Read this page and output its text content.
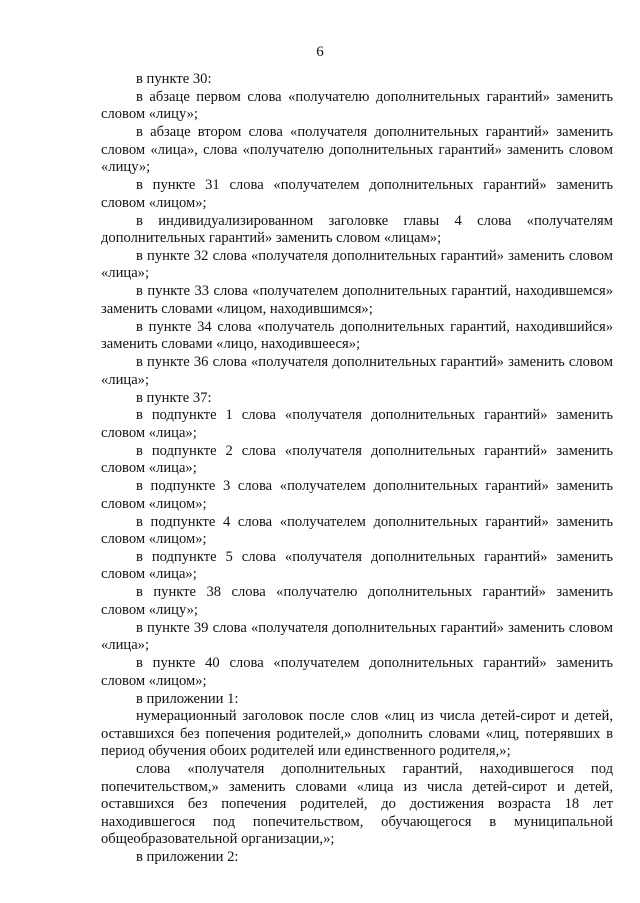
6

в пункте 30:

в абзаце первом слова «получателю дополнительных гарантий» заменить словом «лицу»;

в абзаце втором слова «получателя дополнительных гарантий» заменить словом «лица», слова «получателю дополнительных гарантий» заменить словом «лицу»;

в пункте 31 слова «получателем дополнительных гарантий» заменить словом «лицом»;

в индивидуализированном заголовке главы 4 слова «получателям дополнительных гарантий» заменить словом «лицам»;

в пункте 32 слова «получателя дополнительных гарантий» заменить словом «лица»;

в пункте 33 слова «получателем дополнительных гарантий, находившемся» заменить словами «лицом, находившимся»;

в пункте 34 слова «получатель дополнительных гарантий, находившийся» заменить словами «лицо, находившееся»;

в пункте 36 слова «получателя дополнительных гарантий» заменить словом «лица»;

в пункте 37:

в подпункте 1 слова «получателя дополнительных гарантий» заменить словом «лица»;

в подпункте 2 слова «получателя дополнительных гарантий» заменить словом «лица»;

в подпункте 3 слова «получателем дополнительных гарантий» заменить словом «лицом»;

в подпункте 4 слова «получателем дополнительных гарантий» заменить словом «лицом»;

в подпункте 5 слова «получателя дополнительных гарантий» заменить словом «лица»;

в пункте 38 слова «получателю дополнительных гарантий» заменить словом «лицу»;

в пункте 39 слова «получателя дополнительных гарантий» заменить словом «лица»;

в пункте 40 слова «получателем дополнительных гарантий» заменить словом «лицом»;

в приложении 1:

нумерационный заголовок после слов «лиц из числа детей-сирот и детей, оставшихся без попечения родителей,» дополнить словами «лиц, потерявших в период обучения обоих родителей или единственного родителя,»;

слова «получателя дополнительных гарантий, находившегося под попечительством,» заменить словами «лица из числа детей-сирот и детей, оставшихся без попечения родителей, до достижения возраста 18 лет находившегося под попечительством, обучающегося в муниципальной общеобразовательной организации,»;

в приложении 2:
